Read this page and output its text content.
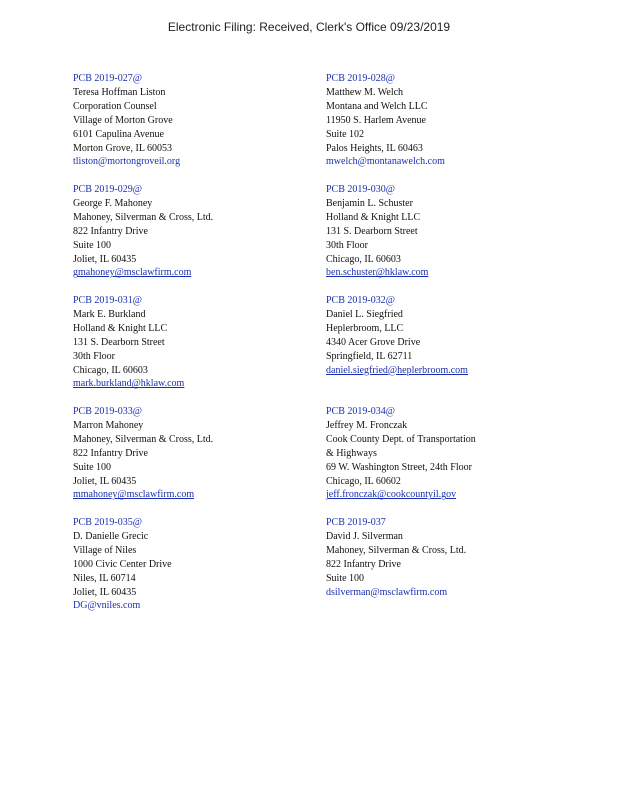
Electronic Filing: Received, Clerk's Office 09/23/2019
PCB 2019-027@
Teresa Hoffman Liston
Corporation Counsel
Village of Morton Grove
6101 Capulina Avenue
Morton Grove, IL 60053
tliston@mortongroveil.org
PCB 2019-028@
Matthew M. Welch
Montana and Welch LLC
11950 S. Harlem Avenue
Suite 102
Palos Heights, IL 60463
mwelch@montanawelch.com
PCB 2019-029@
George F. Mahoney
Mahoney, Silverman & Cross, Ltd.
822 Infantry Drive
Suite 100
Joliet, IL 60435
gmahoney@msclawfirm.com
PCB 2019-030@
Benjamin L. Schuster
Holland & Knight LLC
131 S. Dearborn Street
30th Floor
Chicago, IL 60603
ben.schuster@hklaw.com
PCB 2019-031@
Mark E. Burkland
Holland & Knight LLC
131 S. Dearborn Street
30th Floor
Chicago, IL 60603
mark.burkland@hklaw.com
PCB 2019-032@
Daniel L. Siegfried
Heplerbroom, LLC
4340 Acer Grove Drive
Springfield, IL 62711
daniel.siegfried@heplerbroom.com
PCB 2019-033@
Marron Mahoney
Mahoney, Silverman & Cross, Ltd.
822 Infantry Drive
Suite 100
Joliet, IL 60435
mmahoney@msclawfirm.com
PCB 2019-034@
Jeffrey M. Fronczak
Cook County Dept. of Transportation
& Highways
69 W. Washington Street, 24th Floor
Chicago, IL 60602
jeff.fronczak@cookcountyil.gov
PCB 2019-035@
D. Danielle Grecic
Village of Niles
1000 Civic Center Drive
Niles, IL 60714
Joliet, IL 60435
DG@vniles.com
PCB 2019-037
David J. Silverman
Mahoney, Silverman & Cross, Ltd.
822 Infantry Drive
Suite 100
dsilverman@msclawfirm.com
